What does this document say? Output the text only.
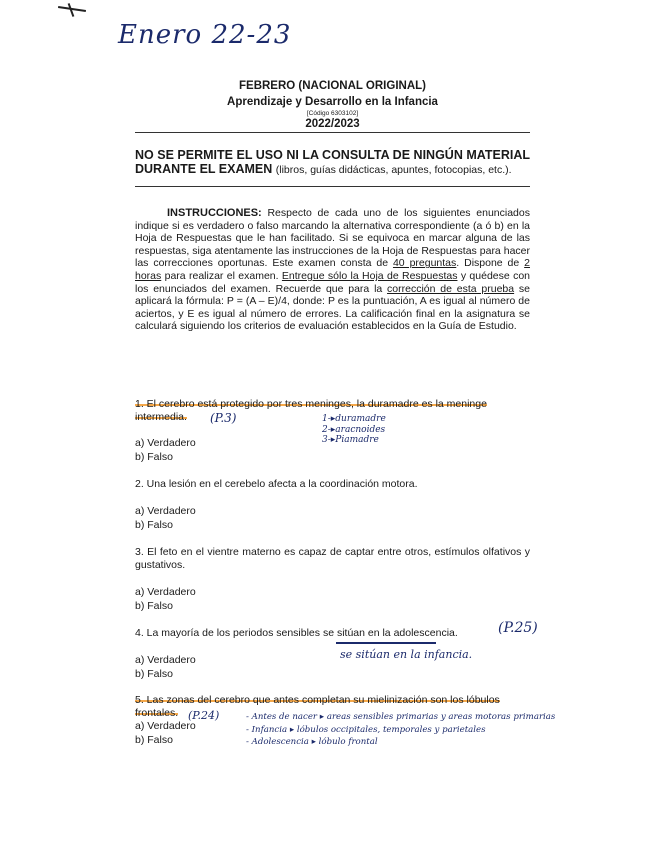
Enero 22-23
FEBRERO (NACIONAL ORIGINAL)
Aprendizaje y Desarrollo en la Infancia
[Código 6303102]
2022/2023
NO SE PERMITE EL USO NI LA CONSULTA DE NINGÚN MATERIAL DURANTE EL EXAMEN (libros, guías didácticas, apuntes, fotocopias, etc.).
INSTRUCCIONES: Respecto de cada uno de los siguientes enunciados indique si es verdadero o falso marcando la alternativa correspondiente (a ó b) en la Hoja de Respuestas que le han facilitado. Si se equivoca en marcar alguna de las respuestas, siga atentamente las instrucciones de la Hoja de Respuestas para hacer las correcciones oportunas. Este examen consta de 40 preguntas. Dispone de 2 horas para realizar el examen. Entregue sólo la Hoja de Respuestas y quédese con los enunciados del examen. Recuerde que para la corrección de esta prueba se aplicará la fórmula: P = (A – E)/4, donde: P es la puntuación, A es igual al número de aciertos, y E es igual al número de errores. La calificación final en la asignatura se calculará siguiendo los criterios de evaluación establecidos en la Guía de Estudio.
1. El cerebro está protegido por tres meninges, la duramadre es la meninge intermedia.	(P.3)	1-▸duramadre
2-▸aracnoides
3-▸Piamadre
a) Verdadero
b) Falso
2. Una lesión en el cerebelo afecta a la coordinación motora.
a) Verdadero
b) Falso
3. El feto en el vientre materno es capaz de captar entre otros, estímulos olfativos y gustativos.
a) Verdadero
b) Falso
4. La mayoría de los periodos sensibles se sitúan en la adolescencia.	(P.25)
se sitúan en la infancia.
a) Verdadero
b) Falso
5. Las zonas del cerebro que antes completan su mielinización son los lóbulos frontales. (P.24)	- Antes de nacer ▸ areas sensibles primarias y areas motoras primarias
- Infancia ▸ lóbulos occipitales, temporales y parietales
- Adolescencia ▸ lóbulo frontal
a) Verdadero
b) Falso
